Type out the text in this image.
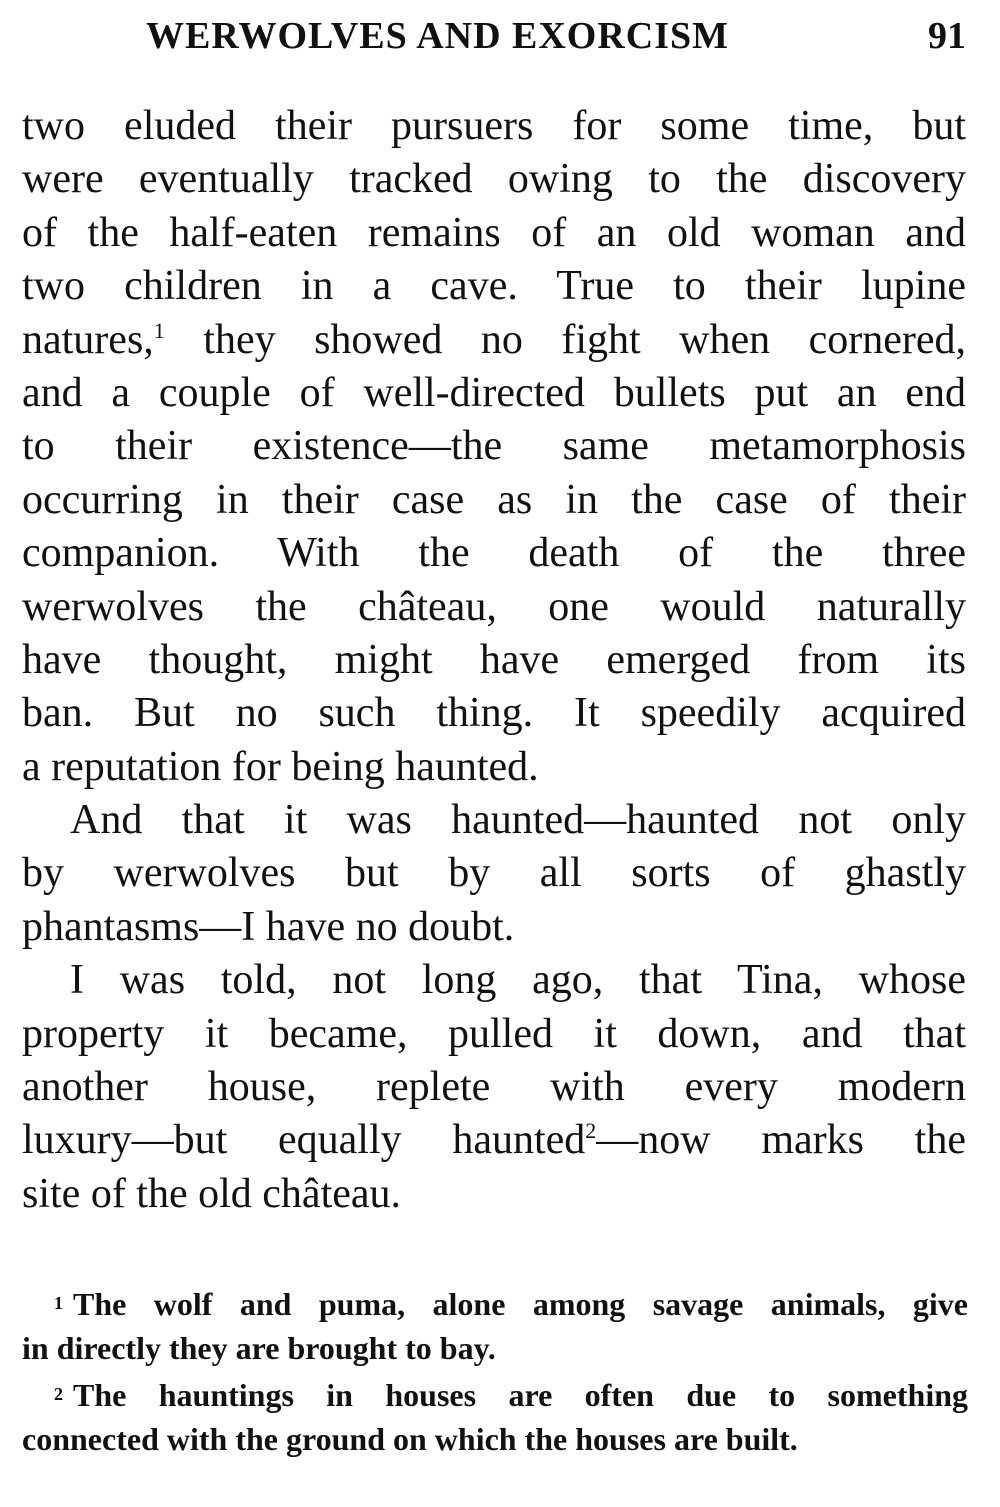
WERWOLVES AND EXORCISM	91
two eluded their pursuers for some time, but
were eventually tracked owing to the discovery
of the half-eaten remains of an old woman and
two children in a cave. True to their lupine
natures,$^1$ they showed no fight when cornered,
and a couple of well-directed bullets put an end
to their existence—the same metamorphosis
occurring in their case as in the case of their
companion. With the death of the three
werwolves the château, one would naturally
have thought, might have emerged from its
ban. But no such thing. It speedily acquired
a reputation for being haunted.
And that it was haunted—haunted not only
by werwolves but by all sorts of ghastly
phantasms—I have no doubt.
I was told, not long ago, that Tina, whose
property it became, pulled it down, and that
another house, replete with every modern
luxury—but equally haunted$^2$—now marks the
site of the old château.
1 The wolf and puma, alone among savage animals, give
in directly they are brought to bay.
2 The hauntings in houses are often due to something
connected with the ground on which the houses are built.
